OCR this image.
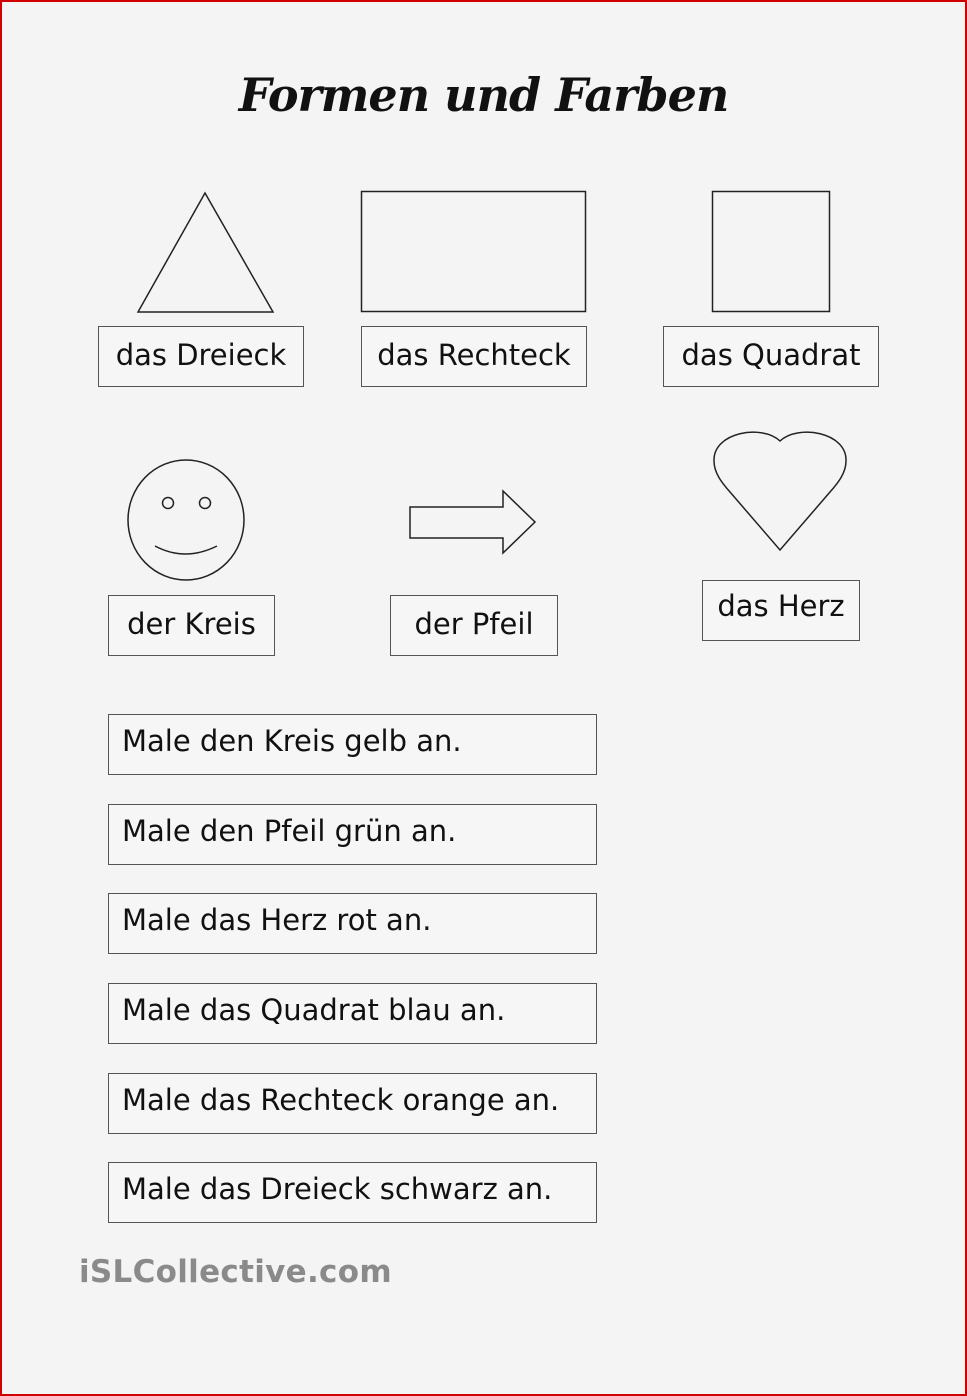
Formen und Farben
das Dreieck	das Rechteck	das Quadrat
der Kreis	der Pfeil
das Herz
Male den Kreis gelb an.
Male den Pfeil grün an.
Male das Herz rot an.
Male das Quadrat blau an.
Male das Rechteck orange an.
Male das Dreieck schwarz an.
iSLCollective.com
